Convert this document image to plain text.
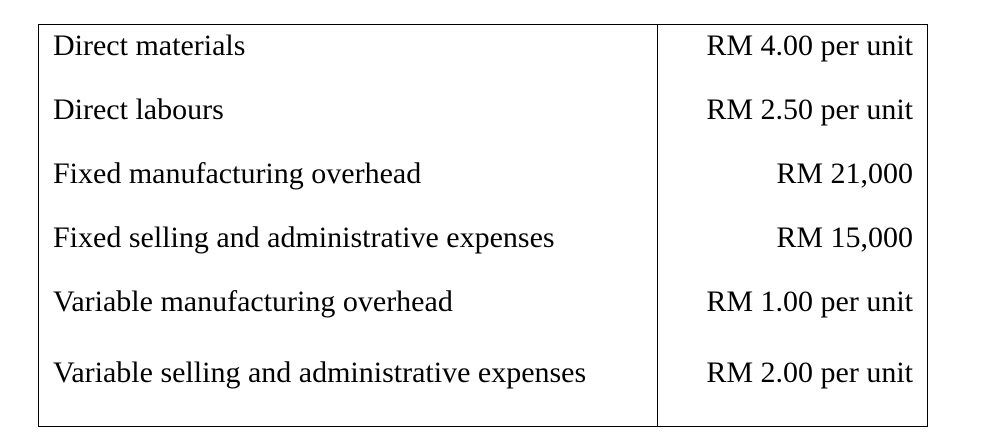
Direct materials	RM 4.00 per unit
Direct labours	RM 2.50 per unit
Fixed manufacturing overhead	RM 21,000
Fixed selling and administrative expenses	RM 15,000
Variable manufacturing overhead	RM 1.00 per unit
Variable selling and administrative expenses	RM 2.00 per unit
